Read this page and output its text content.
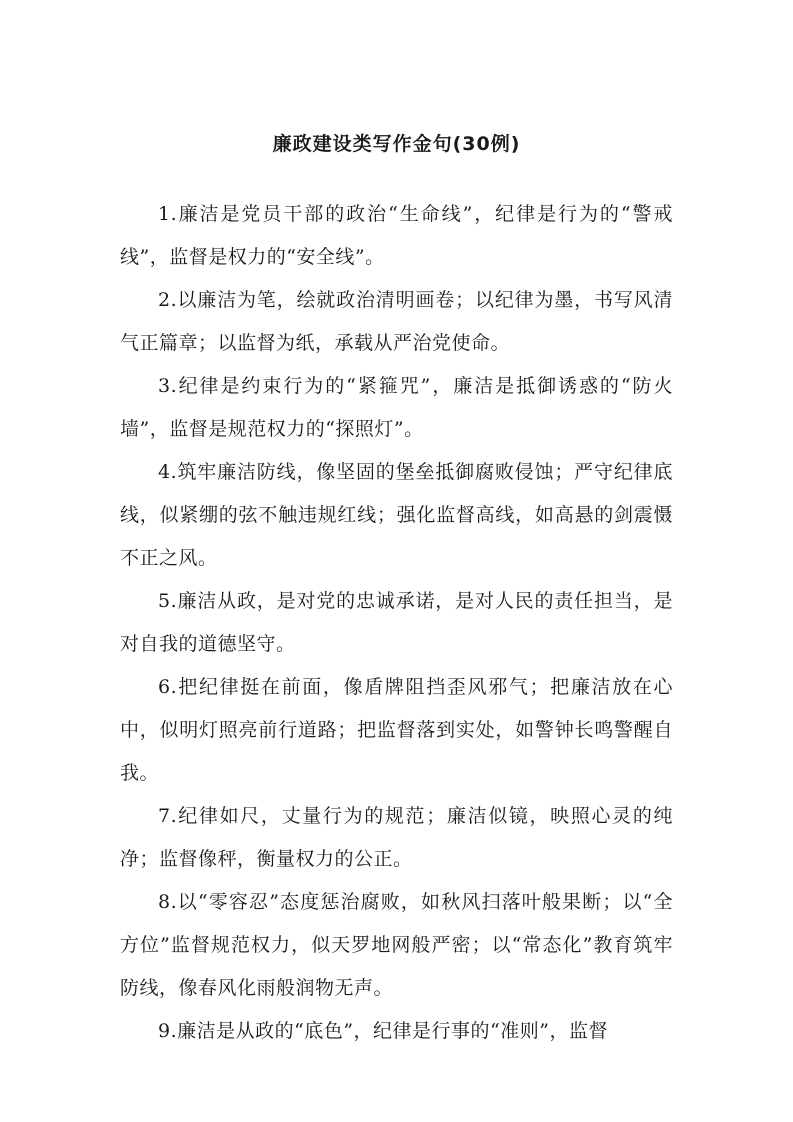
廉政建设类写作金句(30例)

1.廉洁是党员干部的政治“生命线”，纪律是行为的“警戒线”，监督是权力的“安全线”。

2.以廉洁为笔，绘就政治清明画卷；以纪律为墨，书写风清气正篇章；以监督为纸，承载从严治党使命。

3.纪律是约束行为的“紧箍咒”，廉洁是抵御诱惑的“防火墙”，监督是规范权力的“探照灯”。

4.筑牢廉洁防线，像坚固的堡垒抵御腐败侵蚀；严守纪律底线，似紧绷的弦不触违规红线；强化监督高线，如高悬的剑震慑不正之风。

5.廉洁从政，是对党的忠诚承诺，是对人民的责任担当，是对自我的道德坚守。

6.把纪律挺在前面，像盾牌阻挡歪风邪气；把廉洁放在心中，似明灯照亮前行道路；把监督落到实处，如警钟长鸣警醒自我。

7.纪律如尺，丈量行为的规范；廉洁似镜，映照心灵的纯净；监督像秤，衡量权力的公正。

8.以“零容忍”态度惩治腐败，如秋风扫落叶般果断；以“全方位”监督规范权力，似天罗地网般严密；以“常态化”教育筑牢防线，像春风化雨般润物无声。

9.廉洁是从政的“底色”，纪律是行事的“准则”，监督
